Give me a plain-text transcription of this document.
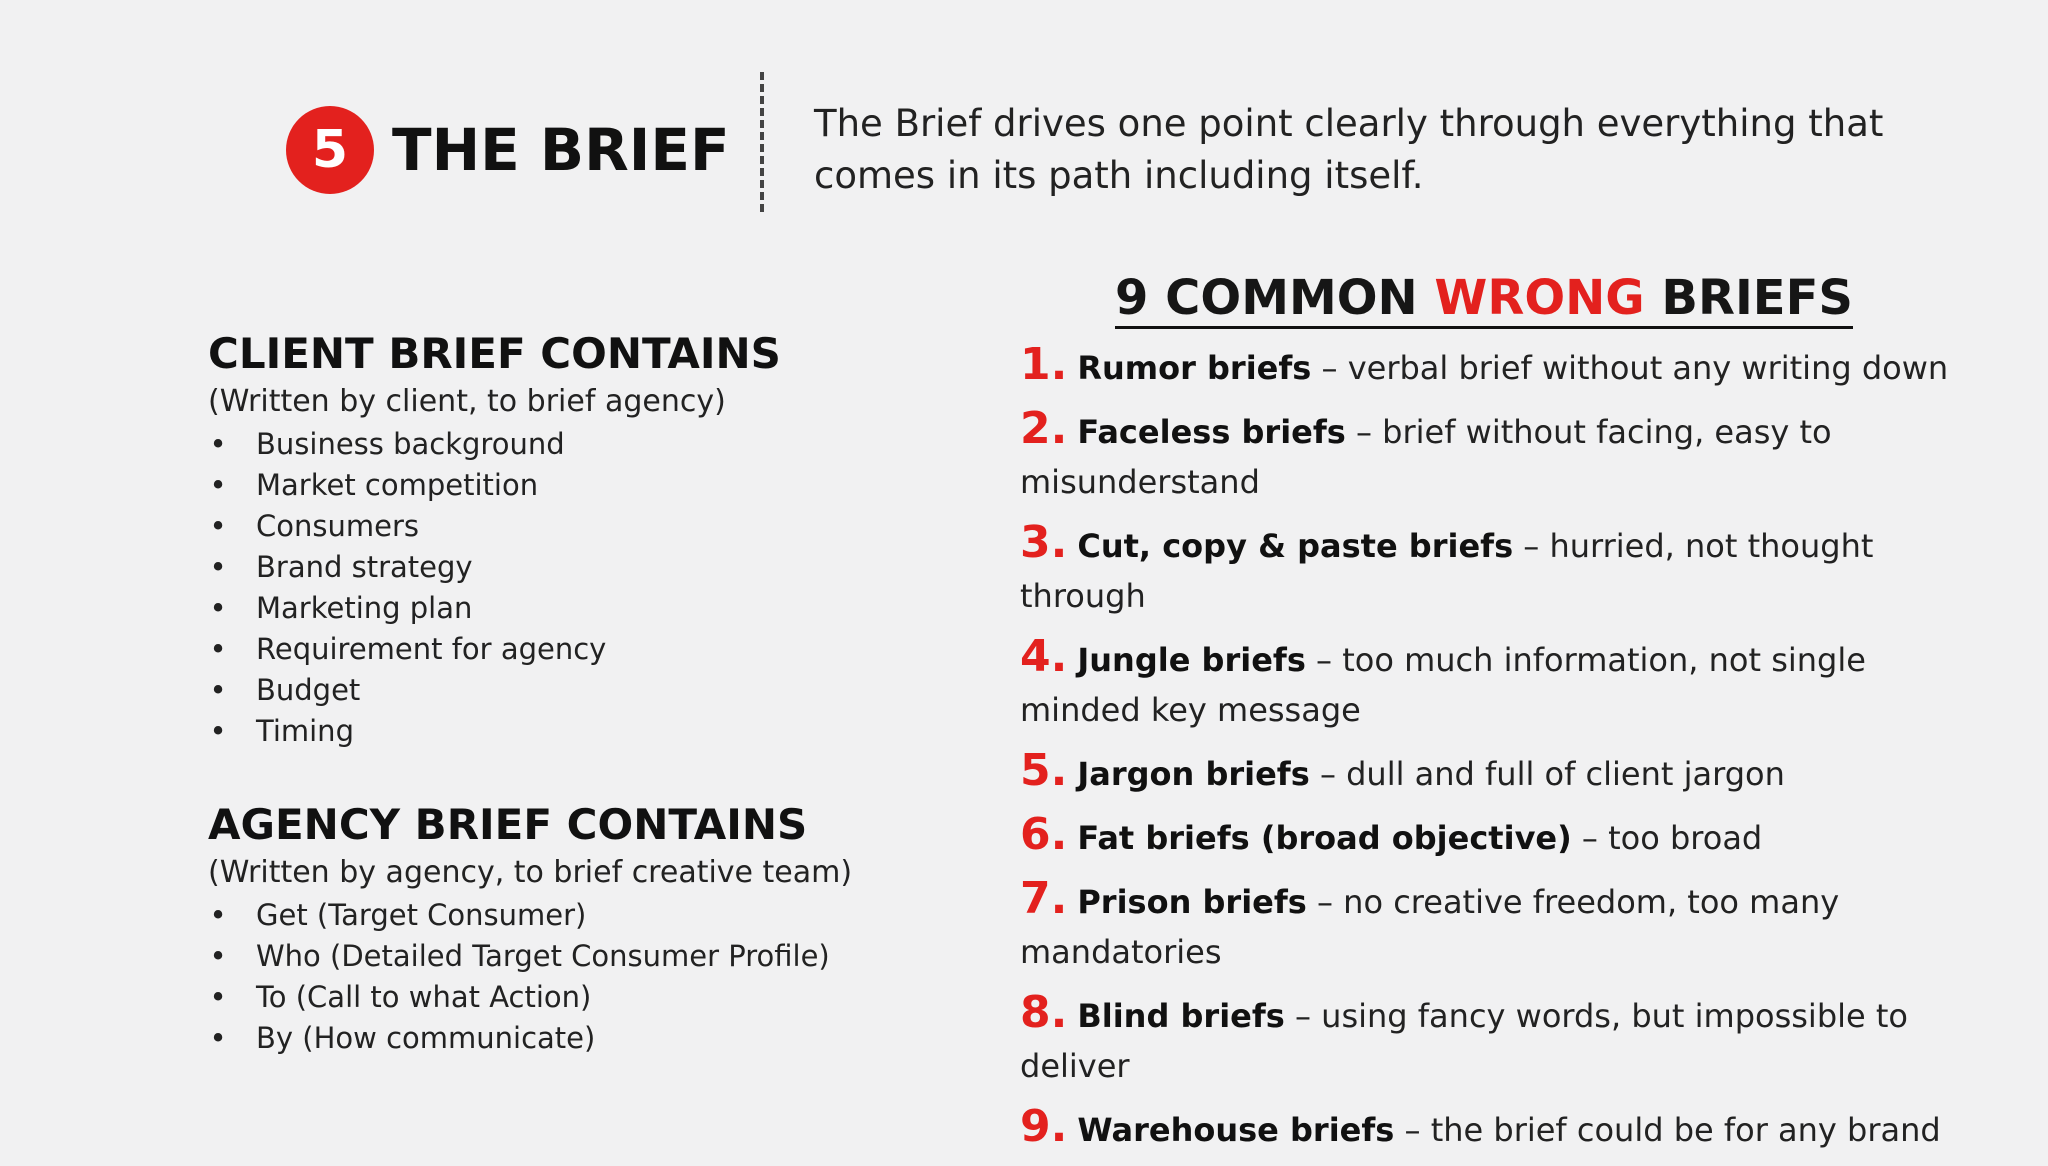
5 THE BRIEF The Brief drives one point clearly through everything that comes in its path including itself.
CLIENT BRIEF CONTAINS

(Written by client, to brief agency)

• Business background
• Market competition
• Consumers
• Brand strategy
• Marketing plan
• Requirement for agency
• Budget
• Timing
AGENCY BRIEF CONTAINS

(Written by agency, to brief creative team)

• Get (Target Consumer)
• Who (Detailed Target Consumer Profile)
• To (Call to what Action)
• By (How communicate)
9 COMMON WRONG BRIEFS
1. Rumor briefs – verbal brief without any writing down
2. Faceless briefs – brief without facing, easy to misunderstand
3. Cut, copy & paste briefs – hurried, not thought through
4. Jungle briefs – too much information, not single minded key message
5. Jargon briefs – dull and full of client jargon
6. Fat briefs (broad objective) – too broad
7. Prison briefs – no creative freedom, too many mandatories
8. Blind briefs – using fancy words, but impossible to deliver
9. Warehouse briefs – the brief could be for any brand
